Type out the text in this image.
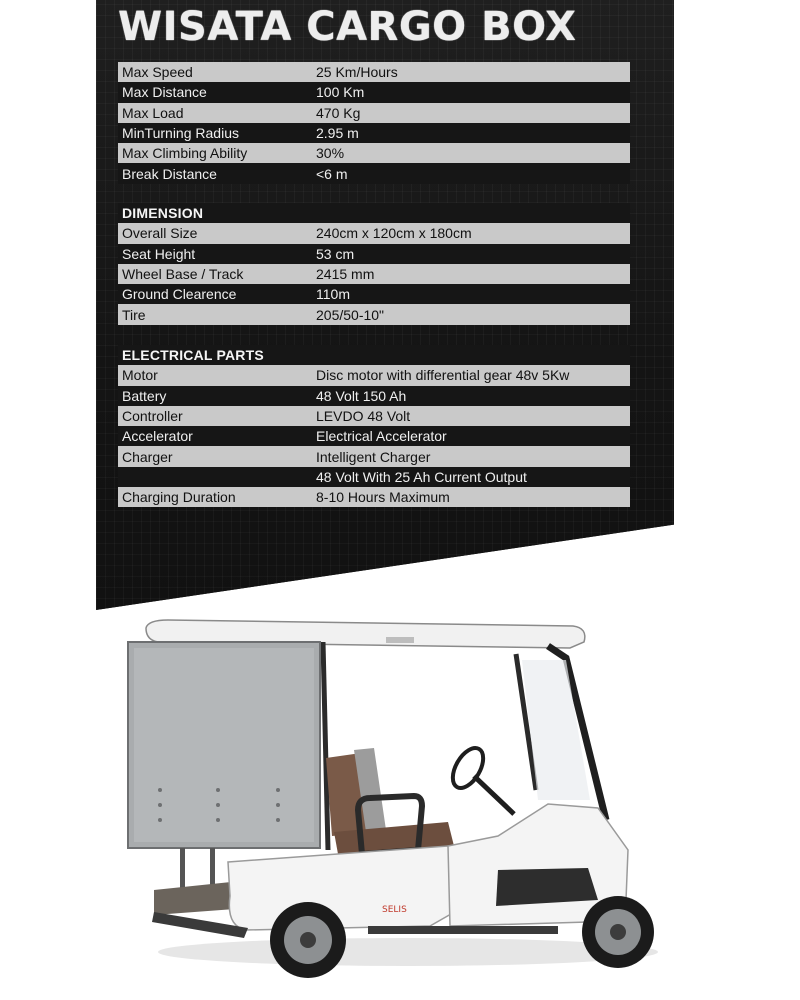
WISATA CARGO BOX
Max Speed	25 Km/Hours
Max Distance	100 Km
Max Load	470 Kg
MinTurning Radius	2.95 m
Max Climbing Ability	30%
Break Distance	<6 m
DIMENSION
Overall Size	240cm x 120cm x 180cm
Seat Height	53 cm
Wheel Base / Track	2415 mm
Ground Clearence	110m
Tire	205/50-10"
ELECTRICAL PARTS
Motor	Disc motor with differential gear 48v 5Kw
Battery	48 Volt 150 Ah
Controller	LEVDO 48 Volt
Accelerator	Electrical Accelerator
Charger	Intelligent Charger
48 Volt With 25 Ah Current Output
Charging Duration	8-10 Hours Maximum
SELIS
